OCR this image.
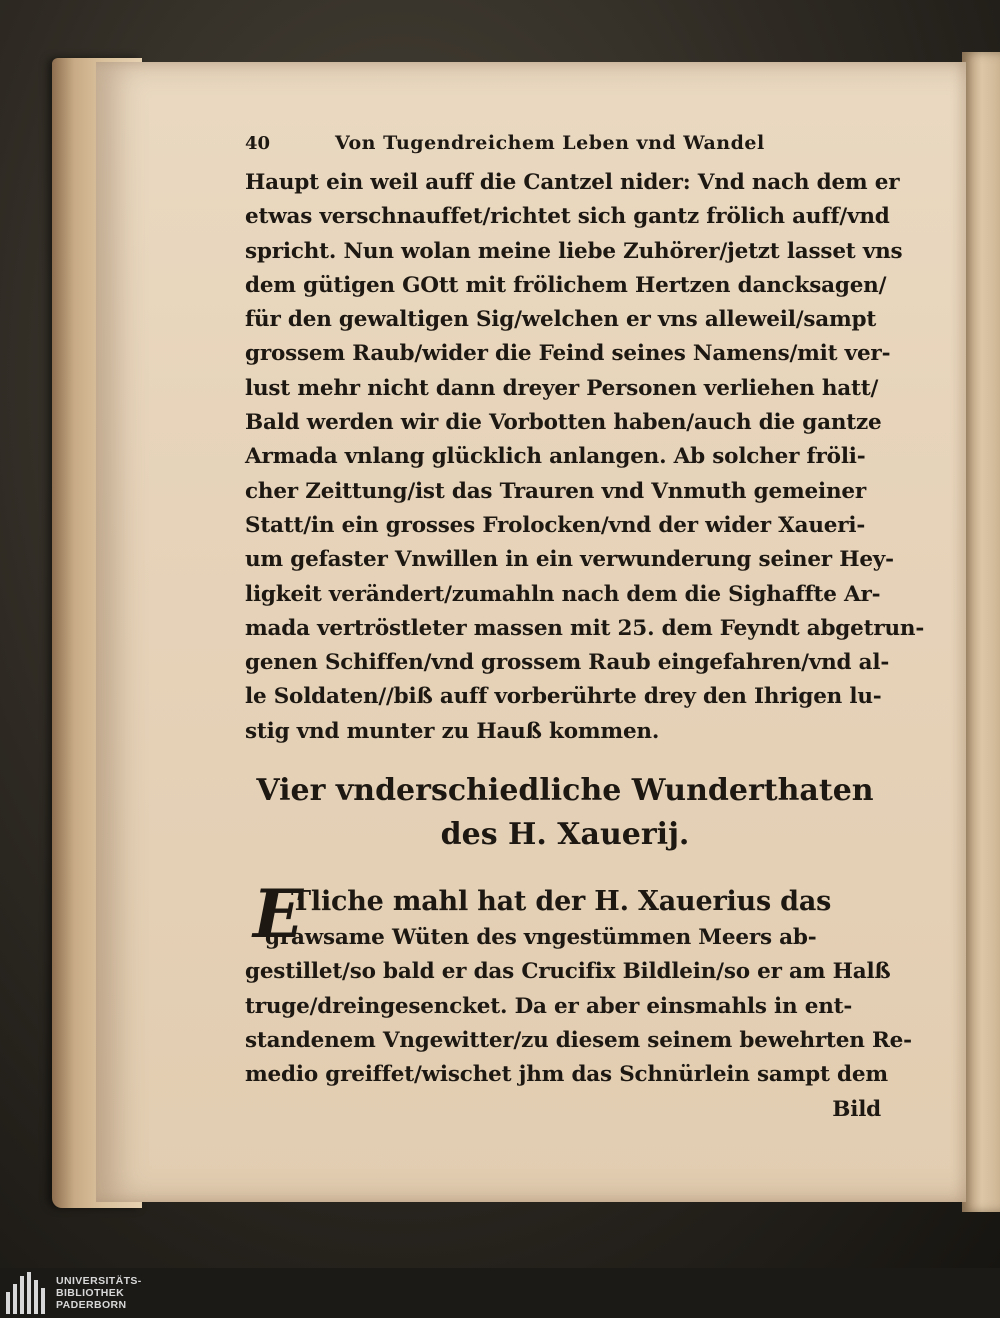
40	Von Tugendreichem Leben vnd Wandel

Haupt ein weil auff die Cantzel nider: Vnd nach dem er

etwas verschnauffet/richtet sich gantz frölich auff/vnd

spricht. Nun wolan meine liebe Zuhörer/jetzt lasset vns

dem gütigen GOtt mit frölichem Hertzen dancksagen/

für den gewaltigen Sig/welchen er vns alleweil/sampt

grossem Raub/wider die Feind seines Namens/mit ver-

lust mehr nicht dann dreyer Personen verliehen hatt/

Bald werden wir die Vorbotten haben/auch die gantze

Armada vnlang glücklich anlangen. Ab solcher fröli-

cher Zeittung/ist das Trauren vnd Vnmuth gemeiner

Statt/in ein grosses Frolocken/vnd der wider Xaueri-

um gefaster Vnwillen in ein verwunderung seiner Hey-

ligkeit verändert/zumahln nach dem die Sighaffte Ar-

mada vertröstleter massen mit 25. dem Feyndt abgetrun-

genen Schiffen/vnd grossem Raub eingefahren/vnd al-

le Soldaten//biß auff vorberührte drey den Ihrigen lu-

stig vnd munter zu Hauß kommen.

Vier vnderschiedliche Wunderthaten
des H. Xauerij.
E

Tliche mahl hat der H. Xauerius das

grawsame Wüten des vngestümmen Meers ab-

gestillet/so bald er das Crucifix Bildlein/so er am Halß

truge/dreingesencket. Da er aber einsmahls in ent-

standenem Vngewitter/zu diesem seinem bewehrten Re-

medio greiffet/wischet jhm das Schnürlein sampt dem

Bild

UNIVERSITÄTS-
BIBLIOTHEK
PADERBORN
